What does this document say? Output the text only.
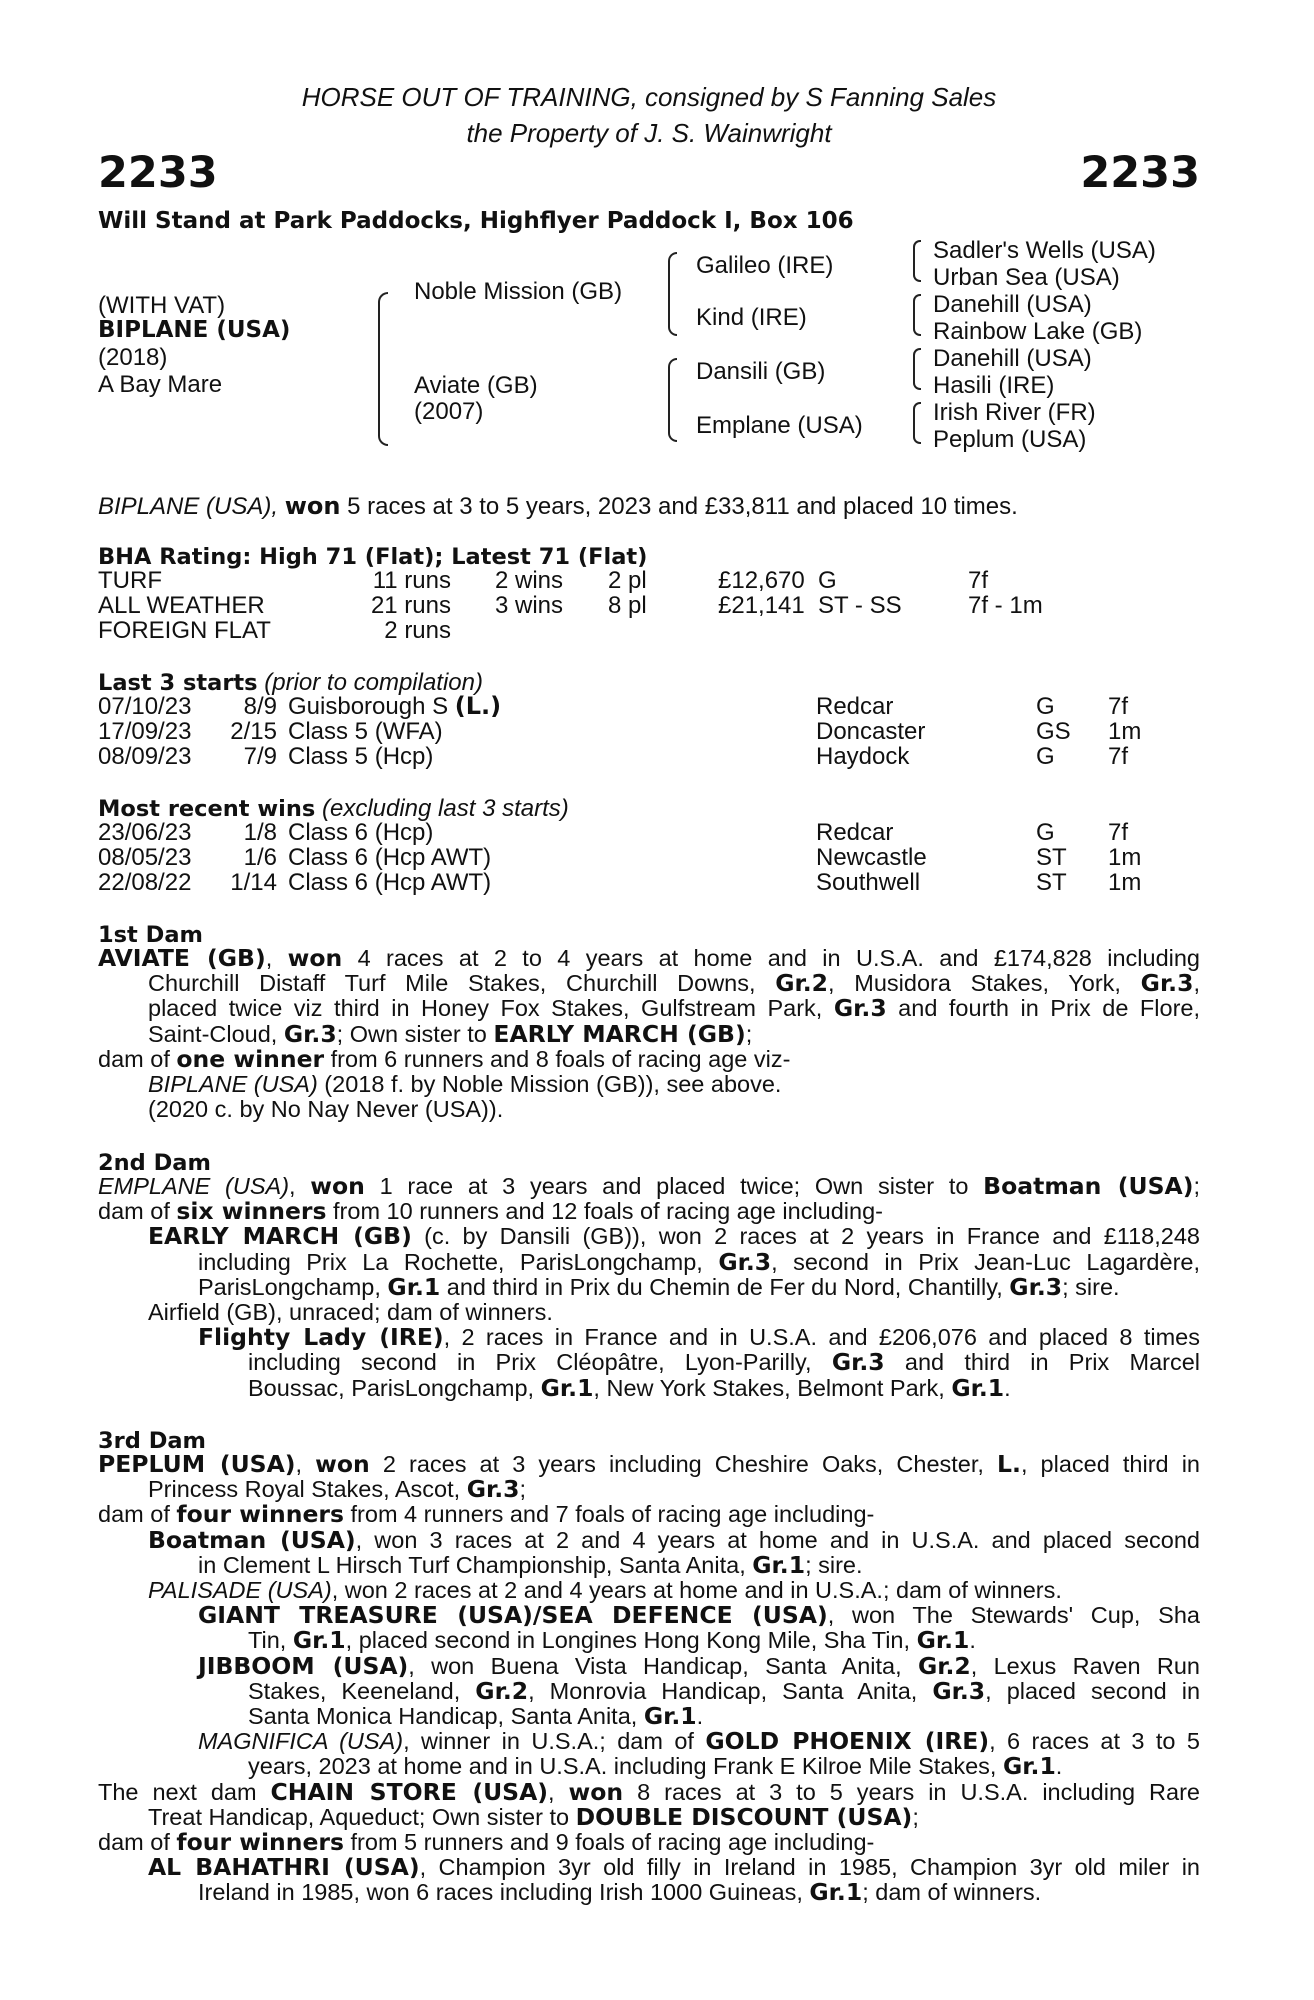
HORSE OUT OF TRAINING, consigned by S Fanning Sales
the Property of J. S. Wainwright
2233	2233
Will Stand at Park Paddocks, Highflyer Paddock I, Box 106
(WITH VAT)
BIPLANE (USA)
(2018)
A Bay Mare
Noble Mission (GB)
Aviate (GB)
(2007)
Galileo (IRE)
Kind (IRE)
Dansili (GB)
Emplane (USA)
Sadler's Wells (USA)
Urban Sea (USA)
Danehill (USA)
Rainbow Lake (GB)
Danehill (USA)
Hasili (IRE)
Irish River (FR)
Peplum (USA)
BIPLANE (USA), won 5 races at 3 to 5 years, 2023 and £33,811 and placed 10 times.
BHA Rating: High 71 (Flat); Latest 71 (Flat)
TURF	11 runs 2 wins 2 pl	£12,670 G	7f
ALL WEATHER	21 runs 3 wins 8 pl	£21,141 ST - SS	7f - 1m
FOREIGN FLAT	2 runs
Last 3 starts (prior to compilation)
07/10/23	8/9 Guisborough S (L.)	Redcar	G 7f
17/09/23	2/15 Class 5 (WFA)	Doncaster	GS 1m
08/09/23	7/9 Class 5 (Hcp)	Haydock	G 7f
Most recent wins (excluding last 3 starts)
23/06/23	1/8 Class 6 (Hcp)	Redcar	G 7f
08/05/23	1/6 Class 6 (Hcp AWT)	Newcastle	ST 1m
22/08/22	1/14 Class 6 (Hcp AWT)	Southwell	ST 1m
1st Dam
AVIATE (GB), won 4 races at 2 to 4 years at home and in U.S.A. and £174,828 including
Churchill Distaff Turf Mile Stakes, Churchill Downs, Gr.2, Musidora Stakes, York, Gr.3,
placed twice viz third in Honey Fox Stakes, Gulfstream Park, Gr.3 and fourth in Prix de Flore,
Saint-Cloud, Gr.3; Own sister to EARLY MARCH (GB);
dam of one winner from 6 runners and 8 foals of racing age viz-
BIPLANE (USA) (2018 f. by Noble Mission (GB)), see above.
(2020 c. by No Nay Never (USA)).
2nd Dam
EMPLANE (USA), won 1 race at 3 years and placed twice; Own sister to Boatman (USA);
dam of six winners from 10 runners and 12 foals of racing age including-
EARLY MARCH (GB) (c. by Dansili (GB)), won 2 races at 2 years in France and £118,248
including Prix La Rochette, ParisLongchamp, Gr.3, second in Prix Jean-Luc Lagardère,
ParisLongchamp, Gr.1 and third in Prix du Chemin de Fer du Nord, Chantilly, Gr.3; sire.
Airfield (GB), unraced; dam of winners.
Flighty Lady (IRE), 2 races in France and in U.S.A. and £206,076 and placed 8 times
including second in Prix Cléopâtre, Lyon-Parilly, Gr.3 and third in Prix Marcel
Boussac, ParisLongchamp, Gr.1, New York Stakes, Belmont Park, Gr.1.
3rd Dam
PEPLUM (USA), won 2 races at 3 years including Cheshire Oaks, Chester, L., placed third in
Princess Royal Stakes, Ascot, Gr.3;
dam of four winners from 4 runners and 7 foals of racing age including-
Boatman (USA), won 3 races at 2 and 4 years at home and in U.S.A. and placed second
in Clement L Hirsch Turf Championship, Santa Anita, Gr.1; sire.
PALISADE (USA), won 2 races at 2 and 4 years at home and in U.S.A.; dam of winners.
GIANT TREASURE (USA)/SEA DEFENCE (USA), won The Stewards' Cup, Sha
Tin, Gr.1, placed second in Longines Hong Kong Mile, Sha Tin, Gr.1.
JIBBOOM (USA), won Buena Vista Handicap, Santa Anita, Gr.2, Lexus Raven Run
Stakes, Keeneland, Gr.2, Monrovia Handicap, Santa Anita, Gr.3, placed second in
Santa Monica Handicap, Santa Anita, Gr.1.
MAGNIFICA (USA), winner in U.S.A.; dam of GOLD PHOENIX (IRE), 6 races at 3 to 5
years, 2023 at home and in U.S.A. including Frank E Kilroe Mile Stakes, Gr.1.
The next dam CHAIN STORE (USA), won 8 races at 3 to 5 years in U.S.A. including Rare
Treat Handicap, Aqueduct; Own sister to DOUBLE DISCOUNT (USA);
dam of four winners from 5 runners and 9 foals of racing age including-
AL BAHATHRI (USA), Champion 3yr old filly in Ireland in 1985, Champion 3yr old miler in
Ireland in 1985, won 6 races including Irish 1000 Guineas, Gr.1; dam of winners.
